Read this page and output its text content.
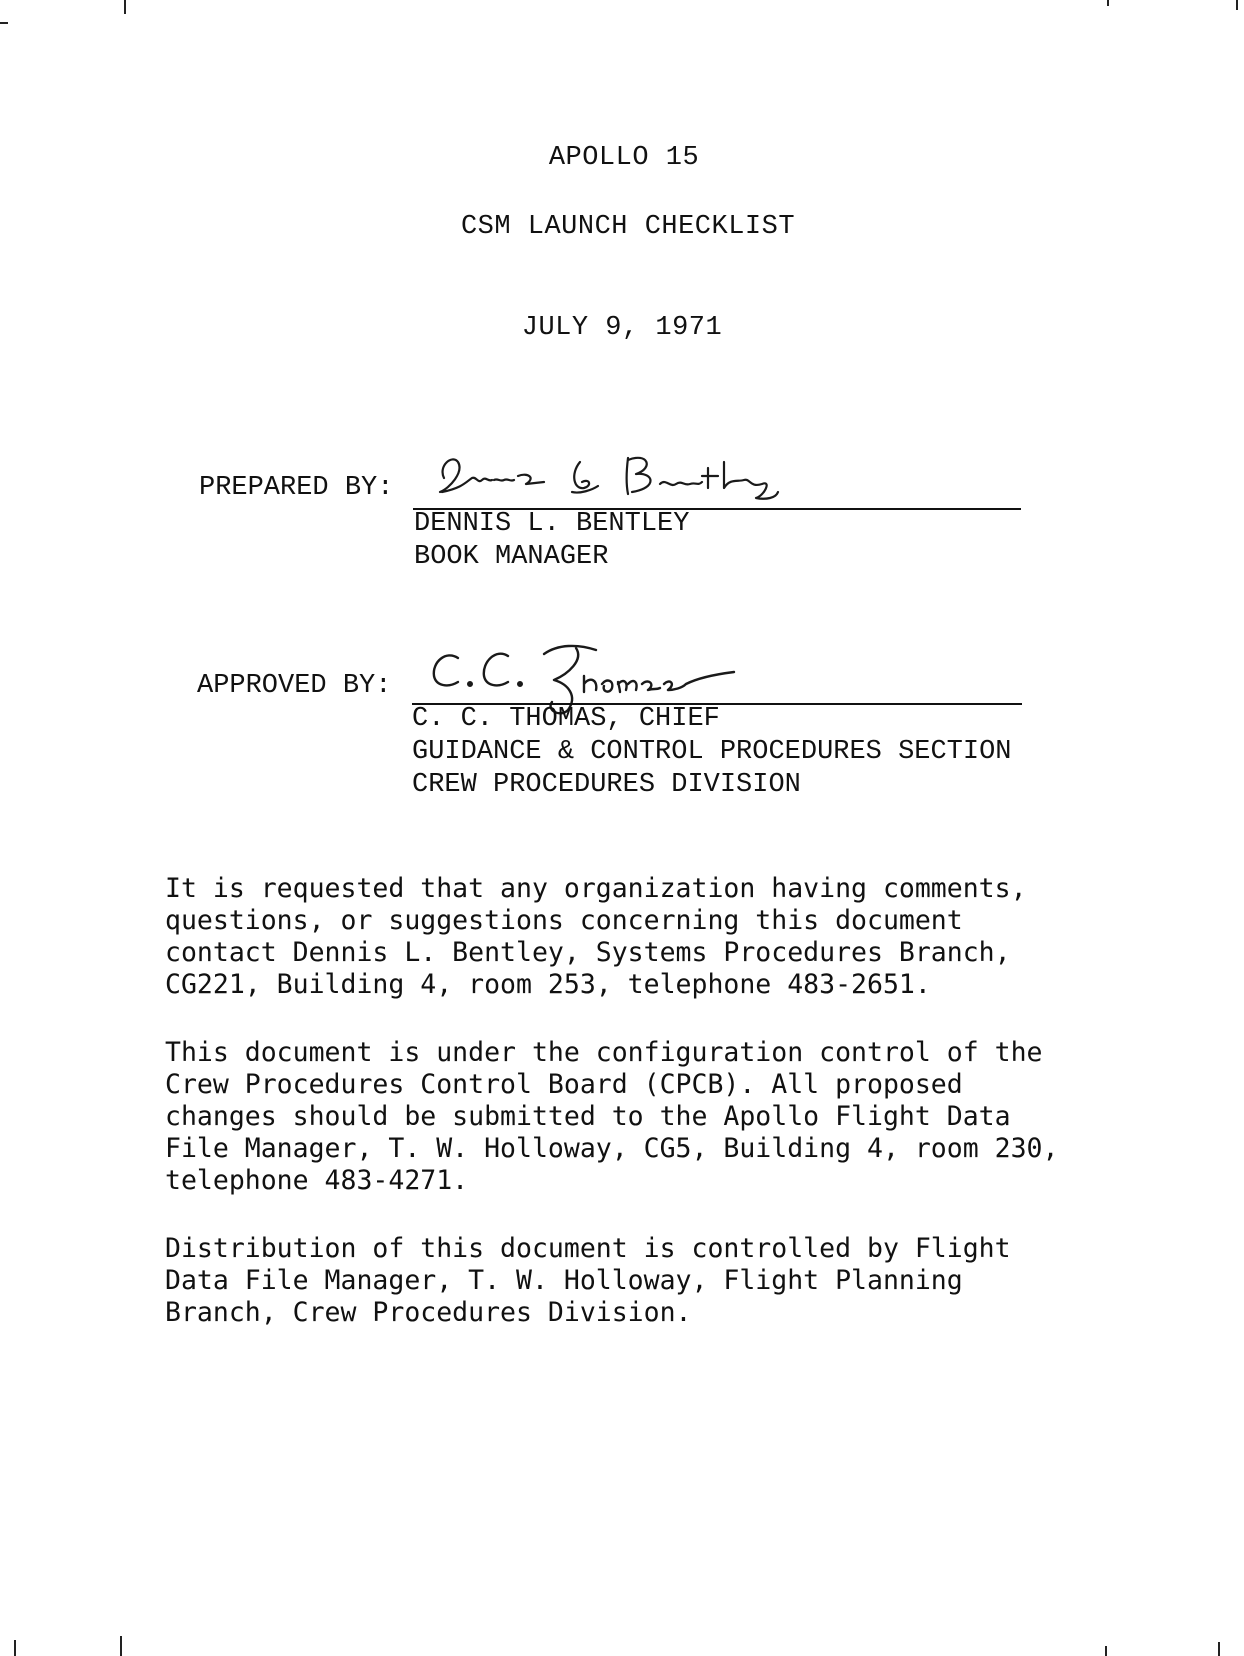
APOLLO 15
CSM LAUNCH CHECKLIST
JULY 9, 1971
PREPARED BY:
DENNIS L. BENTLEY
BOOK MANAGER
APPROVED BY:
C. C. THOMAS, CHIEF
GUIDANCE & CONTROL PROCEDURES SECTION
CREW PROCEDURES DIVISION
It is requested that any organization having comments,
questions, or suggestions concerning this document
contact Dennis L. Bentley, Systems Procedures Branch,
CG221, Building 4, room 253, telephone 483-2651.
This document is under the configuration control of the
Crew Procedures Control Board (CPCB). All proposed
changes should be submitted to the Apollo Flight Data
File Manager, T. W. Holloway, CG5, Building 4, room 230,
telephone 483-4271.
Distribution of this document is controlled by Flight
Data File Manager, T. W. Holloway, Flight Planning
Branch, Crew Procedures Division.
